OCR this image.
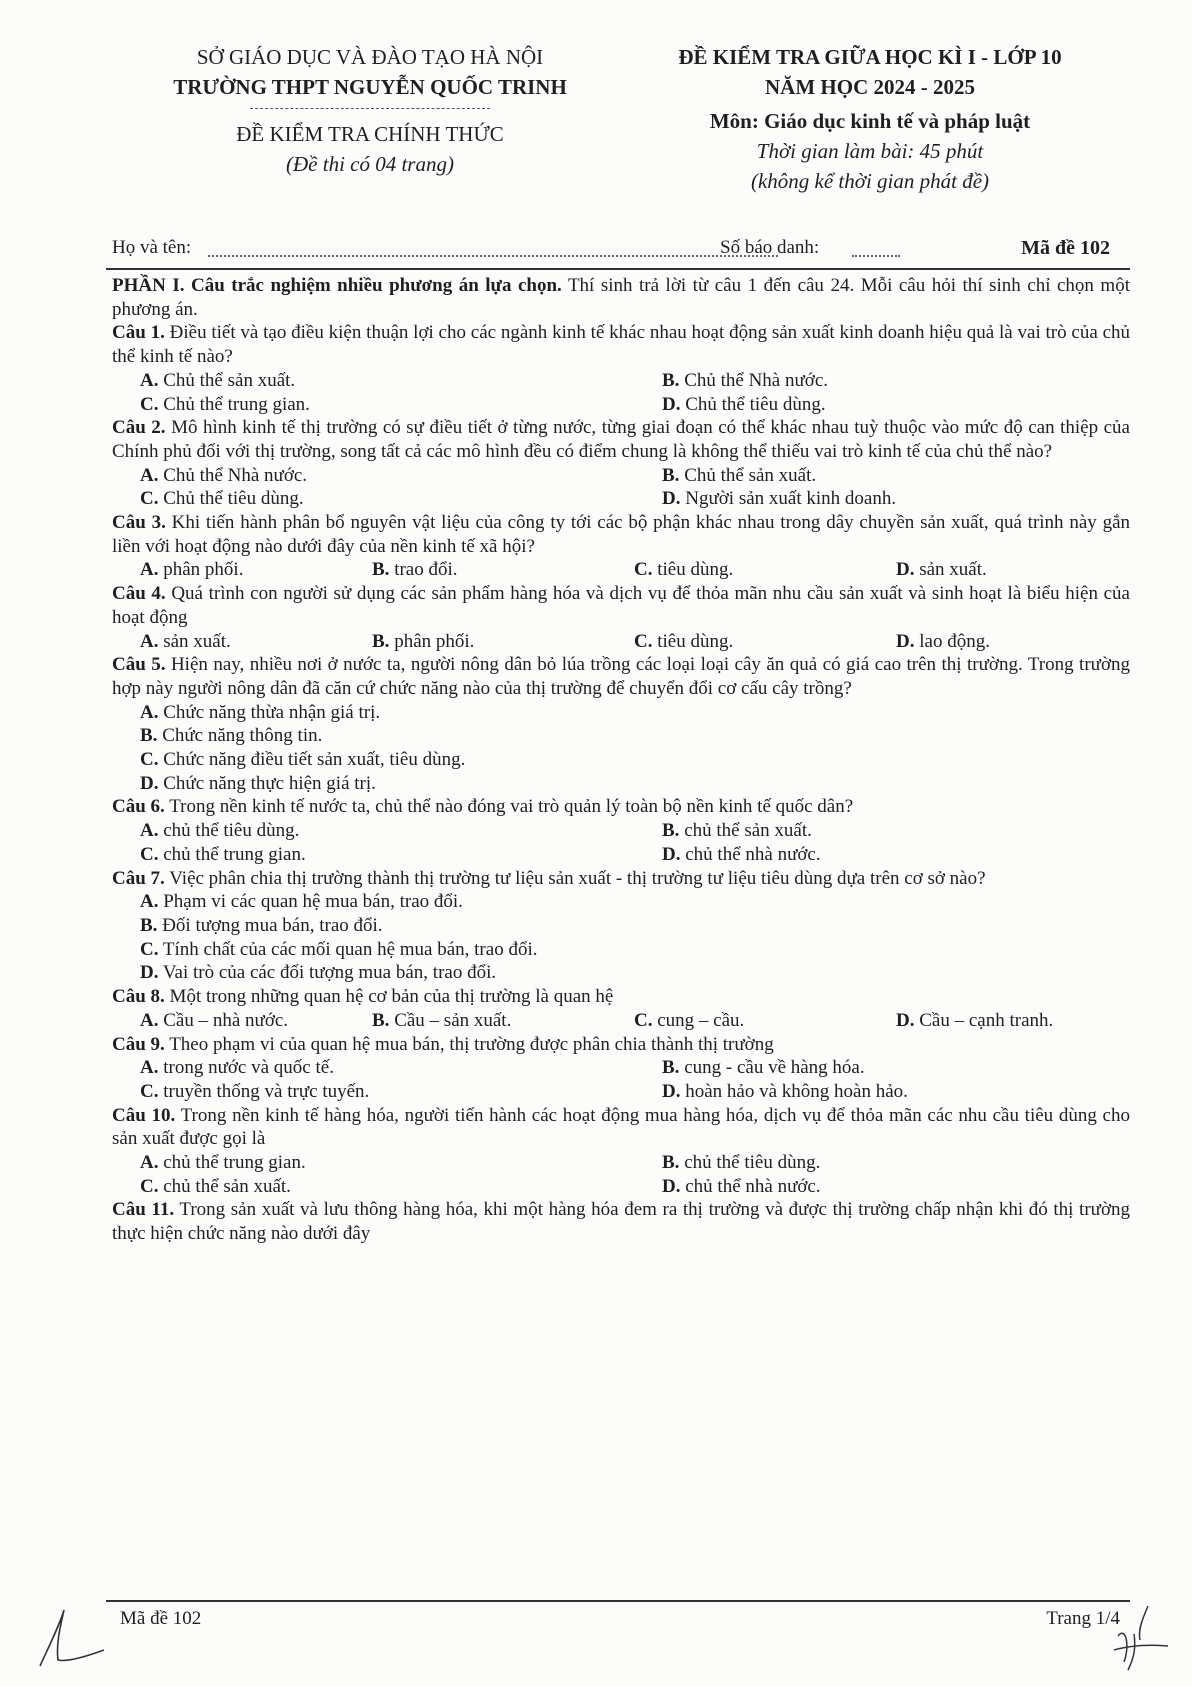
SỞ GIÁO DỤC VÀ ĐÀO TẠO HÀ NỘI
TRƯỜNG THPT NGUYỄN QUỐC TRINH
ĐỀ KIỂM TRA CHÍNH THỨC
(Đề thi có 04 trang)
ĐỀ KIỂM TRA GIỮA HỌC KÌ I - LỚP 10
NĂM HỌC 2024 - 2025
Môn: Giáo dục kinh tế và pháp luật
Thời gian làm bài: 45 phút
(không kể thời gian phát đề)
Họ và tên:	Số báo danh:	Mã đề 102

PHẦN I. Câu trắc nghiệm nhiều phương án lựa chọn. Thí sinh trả lời từ câu 1 đến câu 24. Mỗi câu hỏi thí sinh chỉ chọn một phương án.

Câu 1. Điều tiết và tạo điều kiện thuận lợi cho các ngành kinh tế khác nhau hoạt động sản xuất kinh doanh hiệu quả là vai trò của chủ thể kinh tế nào?

A. Chủ thể sản xuất.	B. Chủ thể Nhà nước.
C. Chủ thể trung gian.	D. Chủ thể tiêu dùng.

Câu 2. Mô hình kinh tế thị trường có sự điều tiết ở từng nước, từng giai đoạn có thể khác nhau tuỳ thuộc vào mức độ can thiệp của Chính phủ đối với thị trường, song tất cả các mô hình đều có điểm chung là không thể thiếu vai trò kinh tế của chủ thể nào?

A. Chủ thể Nhà nước.	B. Chủ thể sản xuất.
C. Chủ thể tiêu dùng.	D. Người sản xuất kinh doanh.

Câu 3. Khi tiến hành phân bổ nguyên vật liệu của công ty tới các bộ phận khác nhau trong dây chuyền sản xuất, quá trình này gắn liền với hoạt động nào dưới đây của nền kinh tế xã hội?

A. phân phối.	B. trao đổi.	C. tiêu dùng.	D. sản xuất.

Câu 4. Quá trình con người sử dụng các sản phẩm hàng hóa và dịch vụ để thỏa mãn nhu cầu sản xuất và sinh hoạt là biểu hiện của hoạt động

A. sản xuất.	B. phân phối.	C. tiêu dùng.	D. lao động.

Câu 5. Hiện nay, nhiều nơi ở nước ta, người nông dân bỏ lúa trồng các loại loại cây ăn quả có giá cao trên thị trường. Trong trường hợp này người nông dân đã căn cứ chức năng nào của thị trường để chuyển đổi cơ cấu cây trồng?

A. Chức năng thừa nhận giá trị.
B. Chức năng thông tin.
C. Chức năng điều tiết sản xuất, tiêu dùng.
D. Chức năng thực hiện giá trị.

Câu 6. Trong nền kinh tế nước ta, chủ thể nào đóng vai trò quản lý toàn bộ nền kinh tế quốc dân?

A. chủ thể tiêu dùng.	B. chủ thể sản xuất.
C. chủ thể trung gian.	D. chủ thể nhà nước.

Câu 7. Việc phân chia thị trường thành thị trường tư liệu sản xuất - thị trường tư liệu tiêu dùng dựa trên cơ sở nào?

A. Phạm vi các quan hệ mua bán, trao đổi.
B. Đối tượng mua bán, trao đổi.
C. Tính chất của các mối quan hệ mua bán, trao đổi.
D. Vai trò của các đối tượng mua bán, trao đổi.

Câu 8. Một trong những quan hệ cơ bản của thị trường là quan hệ

A. Cầu – nhà nước.	B. Cầu – sản xuất.	C. cung – cầu.	D. Cầu – cạnh tranh.

Câu 9. Theo phạm vi của quan hệ mua bán, thị trường được phân chia thành thị trường

A. trong nước và quốc tế.	B. cung - cầu về hàng hóa.
C. truyền thống và trực tuyến.	D. hoàn hảo và không hoàn hảo.

Câu 10. Trong nền kinh tế hàng hóa, người tiến hành các hoạt động mua hàng hóa, dịch vụ để thỏa mãn các nhu cầu tiêu dùng cho sản xuất được gọi là

A. chủ thể trung gian.	B. chủ thể tiêu dùng.
C. chủ thể sản xuất.	D. chủ thể nhà nước.

Câu 11. Trong sản xuất và lưu thông hàng hóa, khi một hàng hóa đem ra thị trường và được thị trường chấp nhận khi đó thị trường thực hiện chức năng nào dưới đây

Mã đề 102	Trang 1/4
